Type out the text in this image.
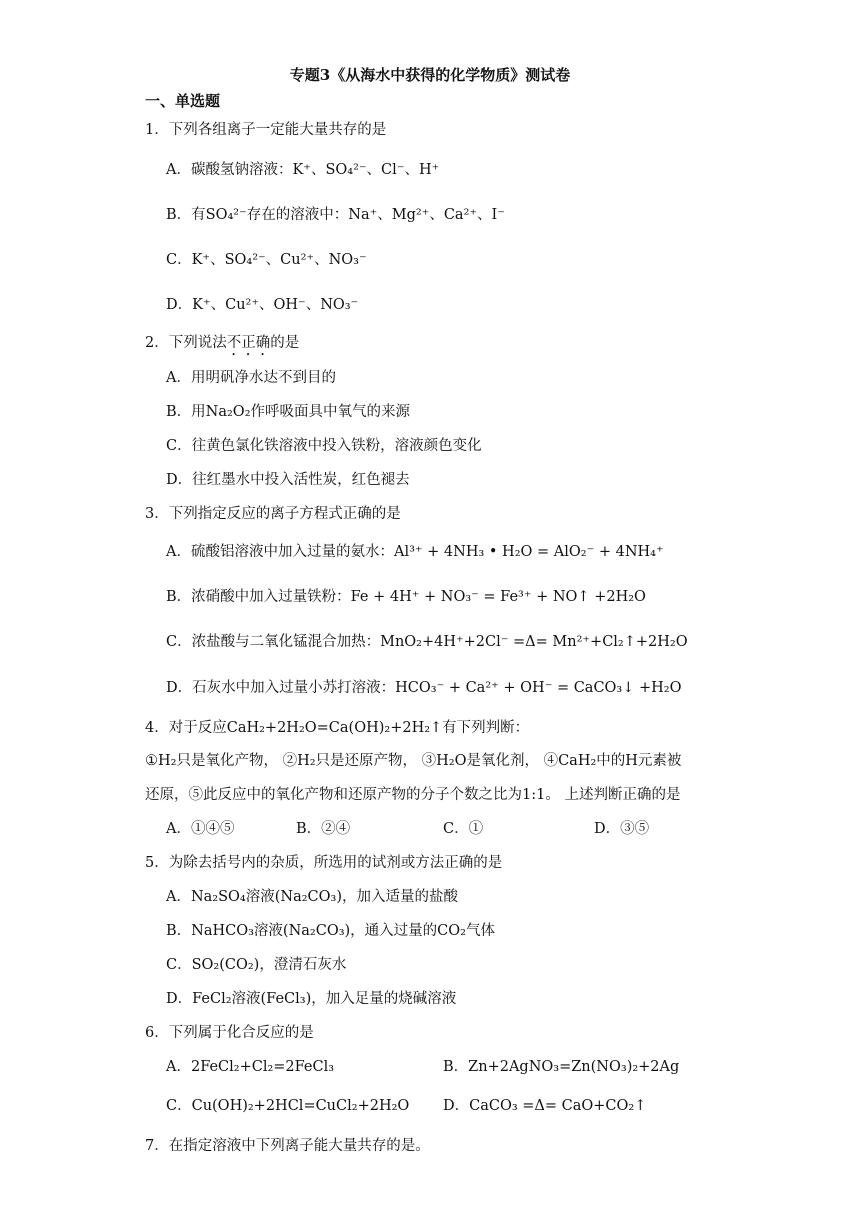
专题3《从海水中获得的化学物质》测试卷
一、单选题
1．下列各组离子一定能大量共存的是
A．碳酸氢钠溶液：K⁺、SO₄²⁻、Cl⁻、H⁺
B．有SO₄²⁻存在的溶液中：Na⁺、Mg²⁺、Ca²⁺、I⁻
C．K⁺、SO₄²⁻、Cu²⁺、NO₃⁻
D．K⁺、Cu²⁺、OH⁻、NO₃⁻
2．下列说法不正确的是
A．用明矾净水达不到目的
B．用Na₂O₂作呼吸面具中氧气的来源
C．往黄色氯化铁溶液中投入铁粉，溶液颜色变化
D．往红墨水中投入活性炭，红色褪去
3．下列指定反应的离子方程式正确的是
A．硫酸铝溶液中加入过量的氨水：Al³⁺ + 4NH₃ • H₂O = AlO₂⁻ + 4NH₄⁺
B．浓硝酸中加入过量铁粉：Fe + 4H⁺ + NO₃⁻ = Fe³⁺ + NO↑ +2H₂O
C．浓盐酸与二氧化锰混合加热：MnO₂+4H⁺+2Cl⁻ =Δ= Mn²⁺+Cl₂↑+2H₂O
D．石灰水中加入过量小苏打溶液：HCO₃⁻ + Ca²⁺ + OH⁻ = CaCO₃↓ +H₂O
4．对于反应CaH₂+2H₂O=Ca(OH)₂+2H₂↑有下列判断：
①H₂只是氧化产物， ②H₂只是还原产物， ③H₂O是氧化剂， ④CaH₂中的H元素被
还原，⑤此反应中的氧化产物和还原产物的分子个数之比为1:1。 上述判断正确的是
A．①④⑤	B．②④	C．①	D．③⑤
5．为除去括号内的杂质，所选用的试剂或方法正确的是
A．Na₂SO₄溶液(Na₂CO₃)，加入适量的盐酸
B．NaHCO₃溶液(Na₂CO₃)，通入过量的CO₂气体
C．SO₂(CO₂)，澄清石灰水
D．FeCl₂溶液(FeCl₃)，加入足量的烧碱溶液
6．下列属于化合反应的是
A．2FeCl₂+Cl₂=2FeCl₃	B．Zn+2AgNO₃=Zn(NO₃)₂+2Ag
C．Cu(OH)₂+2HCl=CuCl₂+2H₂O D．CaCO₃ =Δ= CaO+CO₂↑
7．在指定溶液中下列离子能大量共存的是。
